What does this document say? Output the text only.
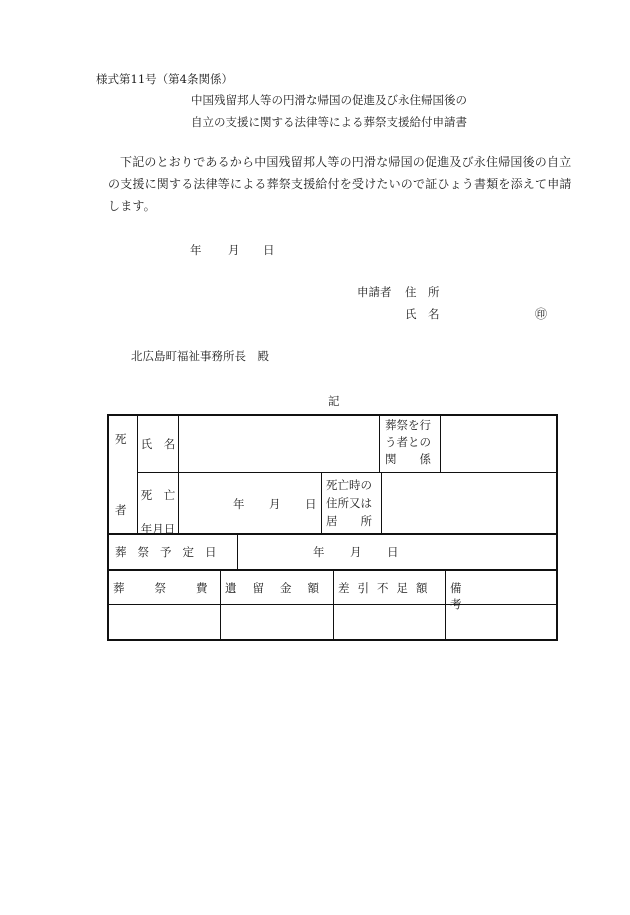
様式第11号（第4条関係）
中国残留邦人等の円滑な帰国の促進及び永住帰国後の
自立の支援に関する法律等による葬祭支援給付申請書
下記のとおりであるから中国残留邦人等の円滑な帰国の促進及び永住帰国後の自立の支援に関する法律等による葬祭支援給付を受けたいので証ひょう書類を添えて申請します。
年 月 日
申請者 住　所
氏　名	㊞
北広島町福祉事務所長　殿
記
死
者
氏　名
葬祭を行
う者との
関　　係
死　亡
年月日
年 月 日
死亡時の
住所又は
居　　所
葬祭予定日	年 月 日
葬祭費
遺留金額 差引不足額 備考
